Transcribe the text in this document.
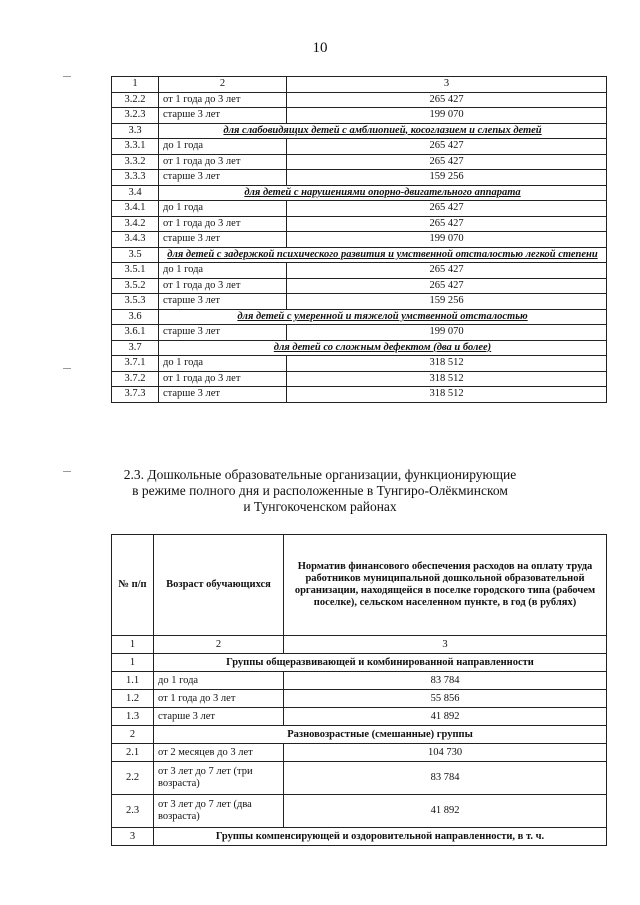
10
1	2	3
3.2.2	от 1 года до 3 лет	265 427
3.2.3	старше 3 лет	199 070
3.3	для слабовидящих детей с амблиопией, косоглазием и слепых детей	
3.3.1	до 1 года	265 427
3.3.2	от 1 года до 3 лет	265 427
3.3.3	старше 3 лет	159 256
3.4	для детей с нарушениями опорно-двигательного аппарата	
3.4.1	до 1 года	265 427
3.4.2	от 1 года до 3 лет	265 427
3.4.3	старше 3 лет	199 070
3.5	для детей с задержкой психического развития и умственной отсталостью легкой степени	
3.5.1	до 1 года	265 427
3.5.2	от 1 года до 3 лет	265 427
3.5.3	старше 3 лет	159 256
3.6	для детей с умеренной и тяжелой умственной отсталостью	
3.6.1	старше 3 лет	199 070
3.7	для детей со сложным дефектом (два и более)	
3.7.1	до 1 года	318 512
3.7.2	от 1 года до 3 лет	318 512
3.7.3	старше 3 лет	318 512
2.3. Дошкольные образовательные организации, функционирующие
в режиме полного дня и расположенные в Тунгиро-Олёкминском
и Тунгокоченском районах
№ п/п	Возраст обучающихся	Норматив финансового обеспечения расходов на оплату труда работников муниципальной дошкольной образовательной организации, находящейся в поселке городского типа (рабочем поселке), сельском населенном пункте, в год (в рублях)
1	2	3
1	Группы общеразвивающей и комбинированной направленности	
1.1	до 1 года	83 784
1.2	от 1 года до 3 лет	55 856
1.3	старше 3 лет	41 892
2	Разновозрастные (смешанные) группы	
2.1	от 2 месяцев до 3 лет	104 730
2.2	от 3 лет до 7 лет (три возраста)	83 784
2.3	от 3 лет до 7 лет (два возраста)	41 892
3	Группы компенсирующей и оздоровительной направленности, в т. ч.	
